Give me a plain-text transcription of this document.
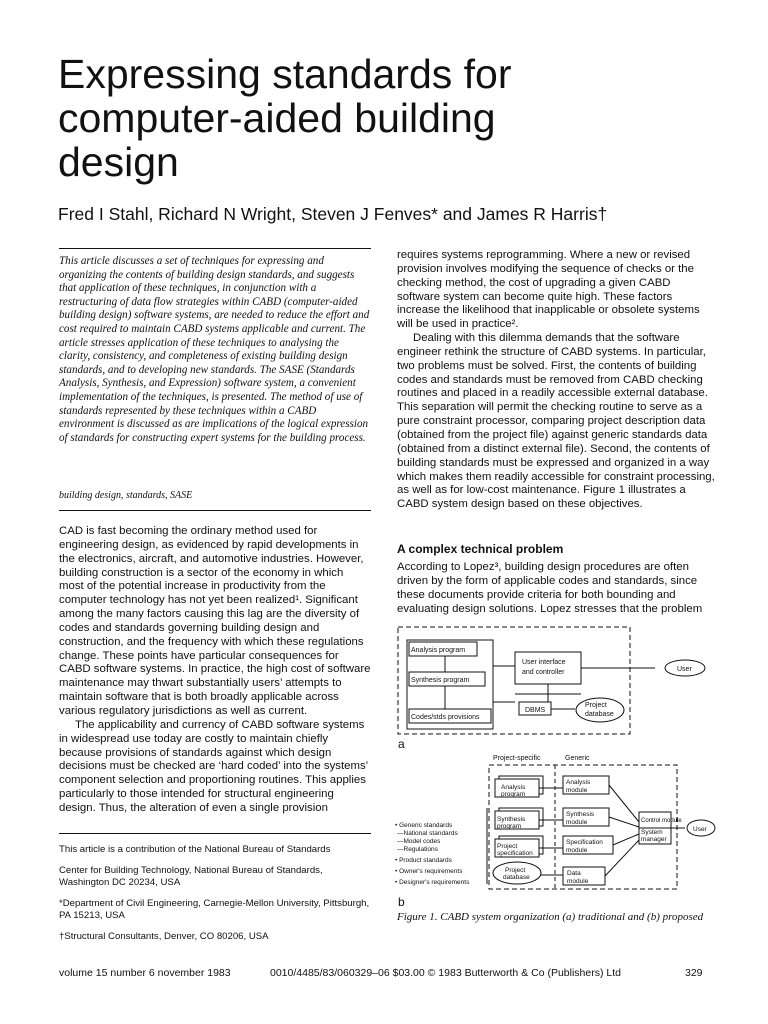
Expressing standards for
computer-aided building
design
Fred I Stahl, Richard N Wright, Steven J Fenves* and James R Harris†
This article discusses a set of techniques for expressing and organizing the contents of building design standards, and suggests that application of these techniques, in conjunction with a restructuring of data flow strategies within CABD (computer-aided building design) software systems, are needed to reduce the effort and cost required to maintain CABD systems applicable and current. The article stresses application of these techniques to analysing the clarity, consistency, and completeness of existing building design standards, and to developing new standards. The SASE (Standards Analysis, Synthesis, and Expression) software system, a convenient implementation of the techniques, is presented. The method of use of standards represented by these techniques within a CABD environment is discussed as are implications of the logical expression of standards for constructing expert systems for the building process.
building design, standards, SASE

CAD is fast becoming the ordinary method used for engineering design, as evidenced by rapid developments in the electronics, aircraft, and automotive industries. However, building construction is a sector of the economy in which most of the potential increase in productivity from the computer technology has not yet been realized¹. Significant among the many factors causing this lag are the diversity of codes and standards governing building design and construction, and the frequency with which these regulations change. These points have particular consequences for CABD software systems. In practice, the high cost of software maintenance may thwart substantially users’ attempts to maintain software that is both broadly applicable across various regulatory jurisdictions as well as current.

The applicability and currency of CABD software systems in widespread use today are costly to maintain chiefly because provisions of standards against which design decisions must be checked are ‘hard coded’ into the systems’ component selection and proportioning routines. This applies particularly to those intended for structural engineering design. Thus, the alteration of even a single provision

This article is a contribution of the National Bureau of Standards

Center for Building Technology, National Bureau of Standards, Washington DC 20234, USA

*Department of Civil Engineering, Carnegie-Mellon University, Pittsburgh, PA 15213, USA

†Structural Consultants, Denver, CO 80206, USA

requires systems reprogramming. Where a new or revised provision involves modifying the sequence of checks or the checking method, the cost of upgrading a given CABD software system can become quite high. These factors increase the likelihood that inapplicable or obsolete systems will be used in practice².

Dealing with this dilemma demands that the software engineer rethink the structure of CABD systems. In particular, two problems must be solved. First, the contents of building codes and standards must be removed from CABD checking routines and placed in a readily accessible external database. This separation will permit the checking routine to serve as a pure constraint processor, comparing project description data (obtained from the project file) against generic standards data (obtained from a distinct external file). Second, the contents of building standards must be expressed and organized in a way which makes them readily accessible for constraint processing, as well as for low-cost maintenance. Figure 1 illustrates a CABD system design based on these objectives.

A complex technical problem

According to Lopez³, building design procedures are often driven by the form of applicable codes and standards, since these documents provide criteria for both bounding and evaluating design solutions. Lopez stresses that the problem

Analysis program
Synthesis program
Codes/stds provisions
User interface
and controller
DBMS
Project
database
User
a
Project-specific	Generic
Analysis
program
Analysis
module
Synthesis
program
Synthesis
module
Project
specification
Specification
module
Project
database
Data
module
Control module
System
manager
User
• Generic standards
—National standards
—Model codes
—Regulations
• Product standards
• Owner's requirements
• Designer's requirements
b
Figure 1. CABD system organization (a) traditional and (b) proposed
volume 15 number 6 november 1983	0010/4485/83/060329–06 $03.00 © 1983 Butterworth & Co (Publishers) Ltd	329
